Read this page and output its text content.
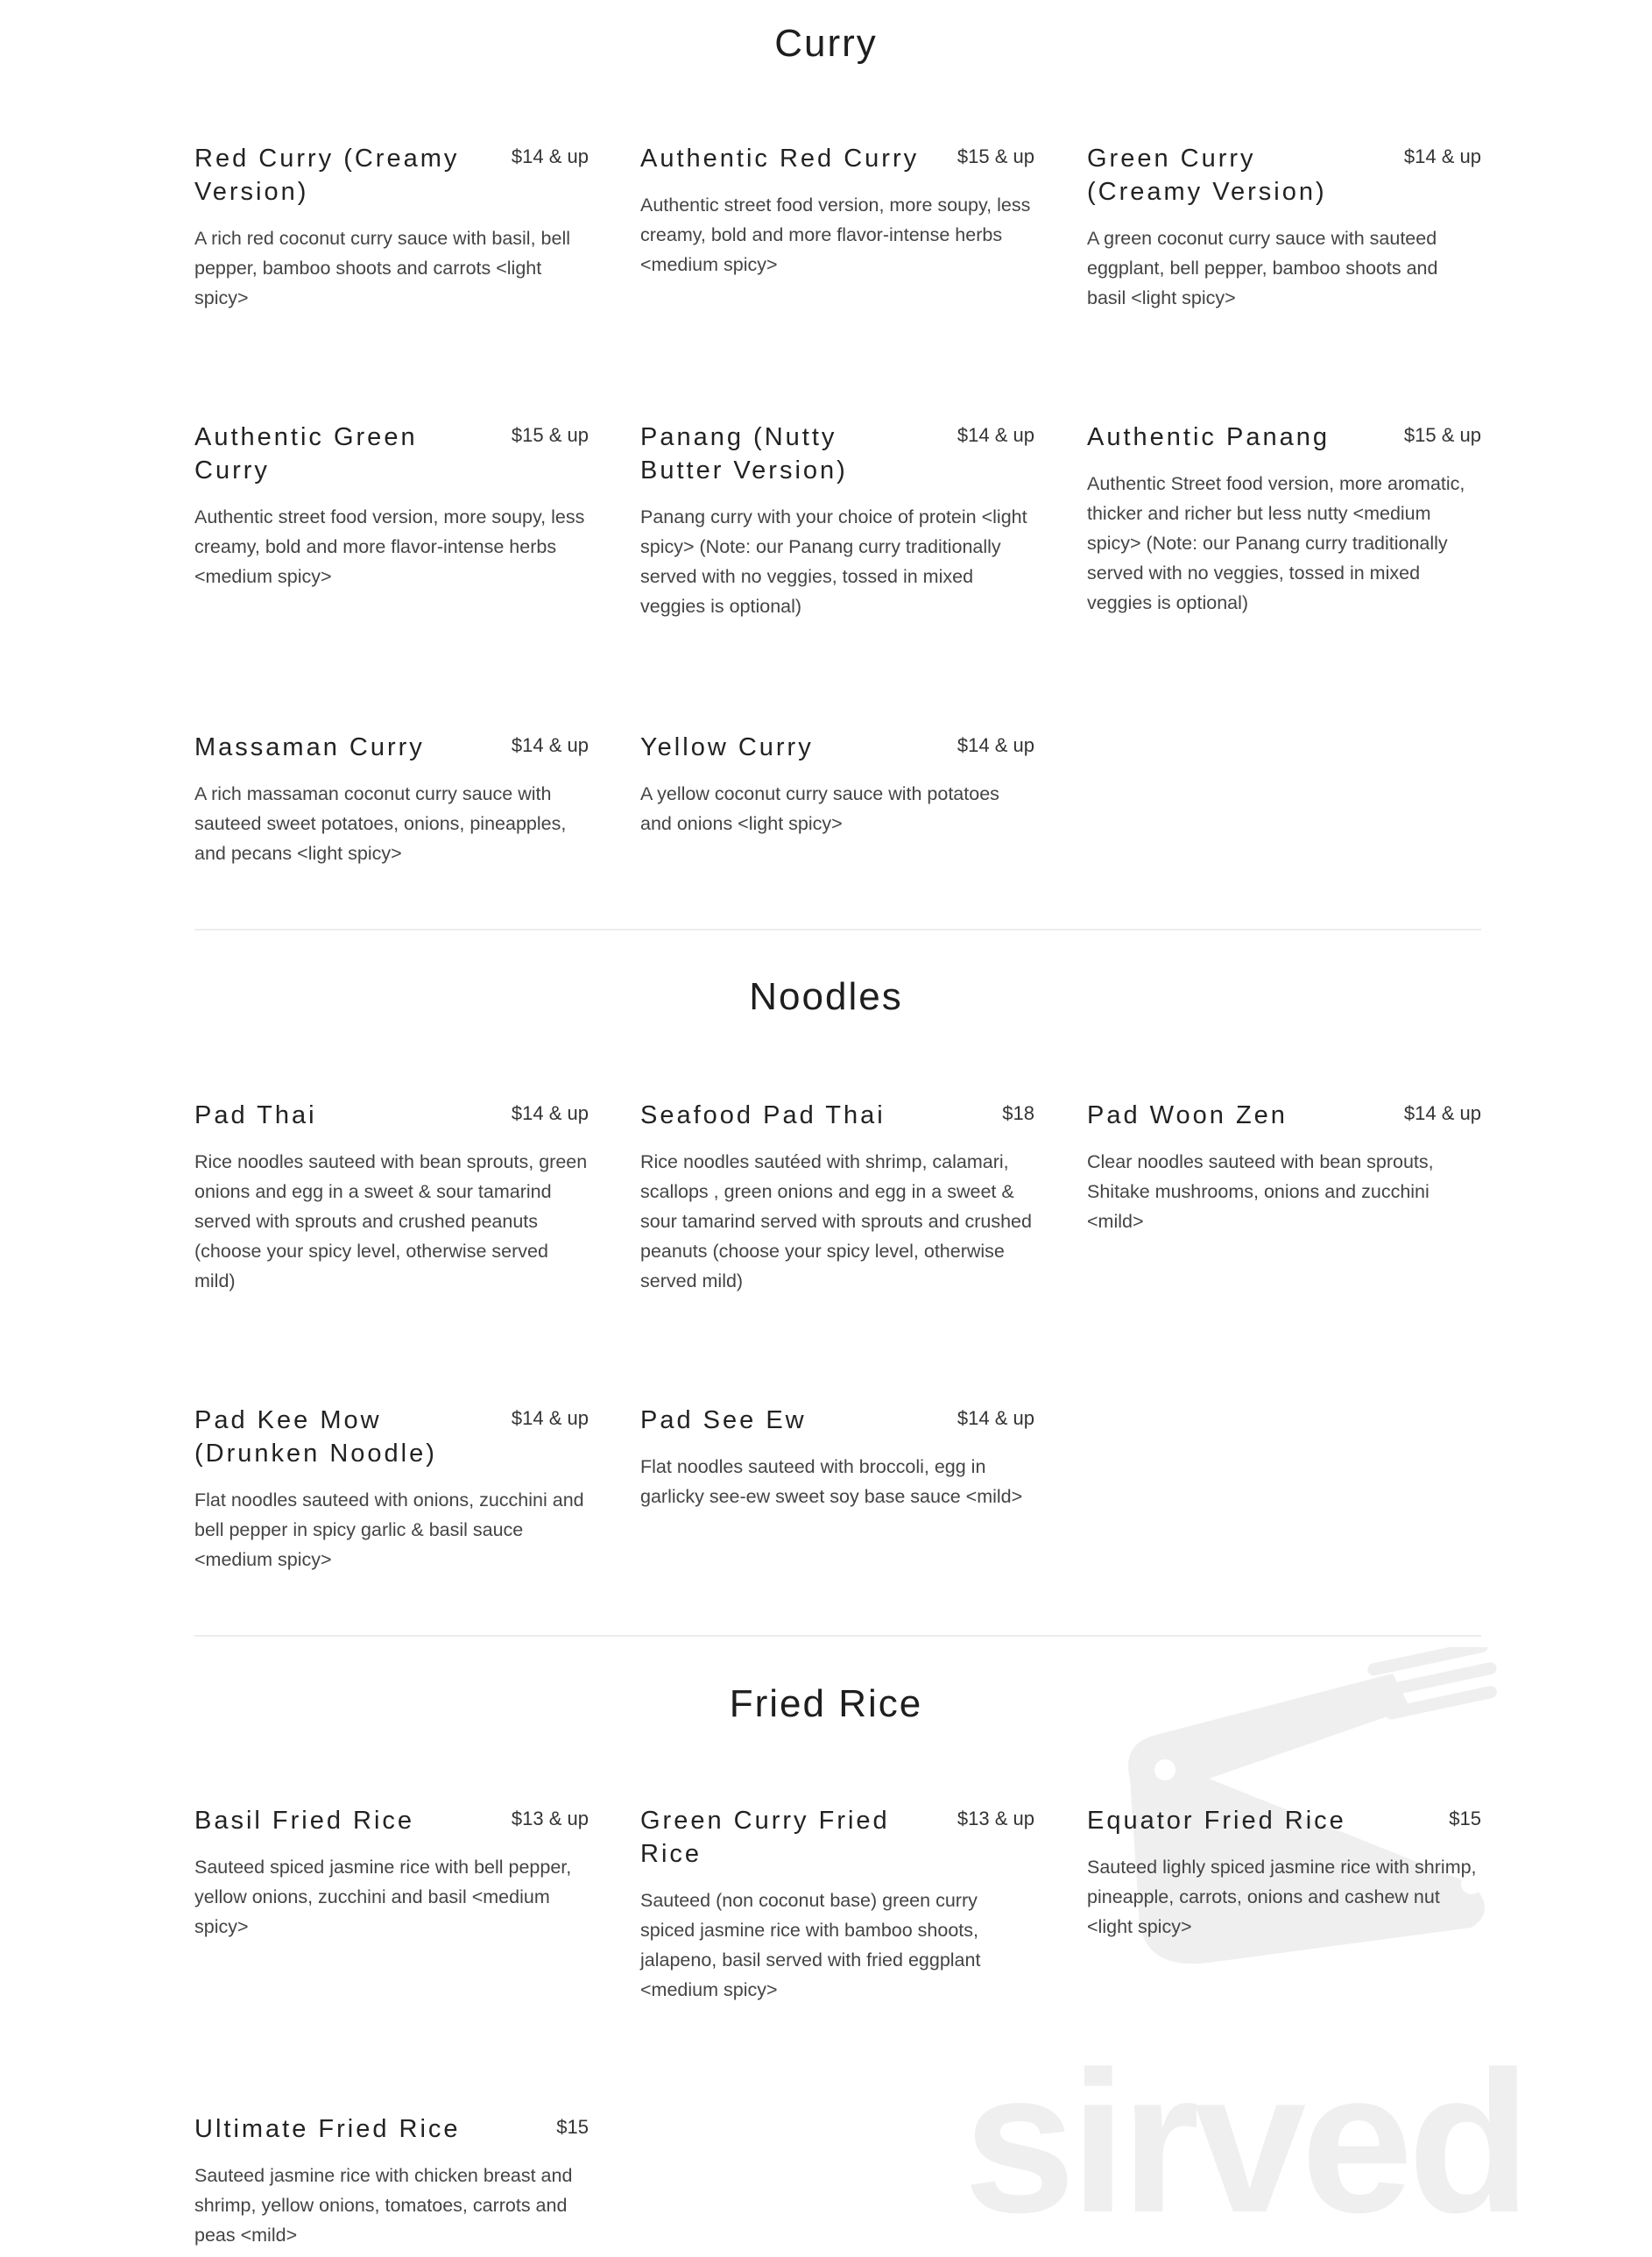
sirved
Curry
Red Curry (Creamy Version)
$14 & up
A rich red coconut curry sauce with basil, bell pepper, bamboo shoots and carrots <light spicy>
Authentic Red Curry $15 & up
Authentic street food version, more soupy, less creamy, bold and more flavor-intense herbs <medium spicy>
Green Curry (Creamy Version)
$14 & up
A green coconut curry sauce with sauteed eggplant, bell pepper, bamboo shoots and basil <light spicy>
Authentic Green Curry
$15 & up
Authentic street food version, more soupy, less creamy, bold and more flavor-intense herbs <medium spicy>
Panang (Nutty Butter Version)
$14 & up
Panang curry with your choice of protein <light spicy> (Note: our Panang curry traditionally served with no veggies, tossed in mixed veggies is optional)
Authentic Panang	$15 & up
Authentic Street food version, more aromatic, thicker and richer but less nutty <medium spicy> (Note: our Panang curry traditionally served with no veggies, tossed in mixed veggies is optional)
Massaman Curry	$14 & up
A rich massaman coconut curry sauce with sauteed sweet potatoes, onions, pineapples, and pecans <light spicy>
Yellow Curry	$14 & up
A yellow coconut curry sauce with potatoes and onions <light spicy>
Noodles
Pad Thai	$14 & up
Rice noodles sauteed with bean sprouts, green onions and egg in a sweet & sour tamarind served with sprouts and crushed peanuts (choose your spicy level, otherwise served mild)
Seafood Pad Thai	$18
Rice noodles sautéed with shrimp, calamari, scallops , green onions and egg in a sweet & sour tamarind served with sprouts and crushed peanuts (choose your spicy level, otherwise served mild)
Pad Woon Zen	$14 & up
Clear noodles sauteed with bean sprouts, Shitake mushrooms, onions and zucchini <mild>
Pad Kee Mow (Drunken Noodle)
$14 & up
Flat noodles sauteed with onions, zucchini and bell pepper in spicy garlic & basil sauce <medium spicy>
Pad See Ew	$14 & up
Flat noodles sauteed with broccoli, egg in garlicky see-ew sweet soy base sauce <mild>
Fried Rice
Basil Fried Rice	$13 & up
Sauteed spiced jasmine rice with bell pepper, yellow onions, zucchini and basil <medium spicy>
Green Curry Fried Rice
$13 & up
Sauteed (non coconut base) green curry spiced jasmine rice with bamboo shoots, jalapeno, basil served with fried eggplant <medium spicy>
Equator Fried Rice	$15
Sauteed lighly spiced jasmine rice with shrimp, pineapple, carrots, onions and cashew nut <light spicy>
Ultimate Fried Rice	$15
Sauteed jasmine rice with chicken breast and shrimp, yellow onions, tomatoes, carrots and peas <mild>
